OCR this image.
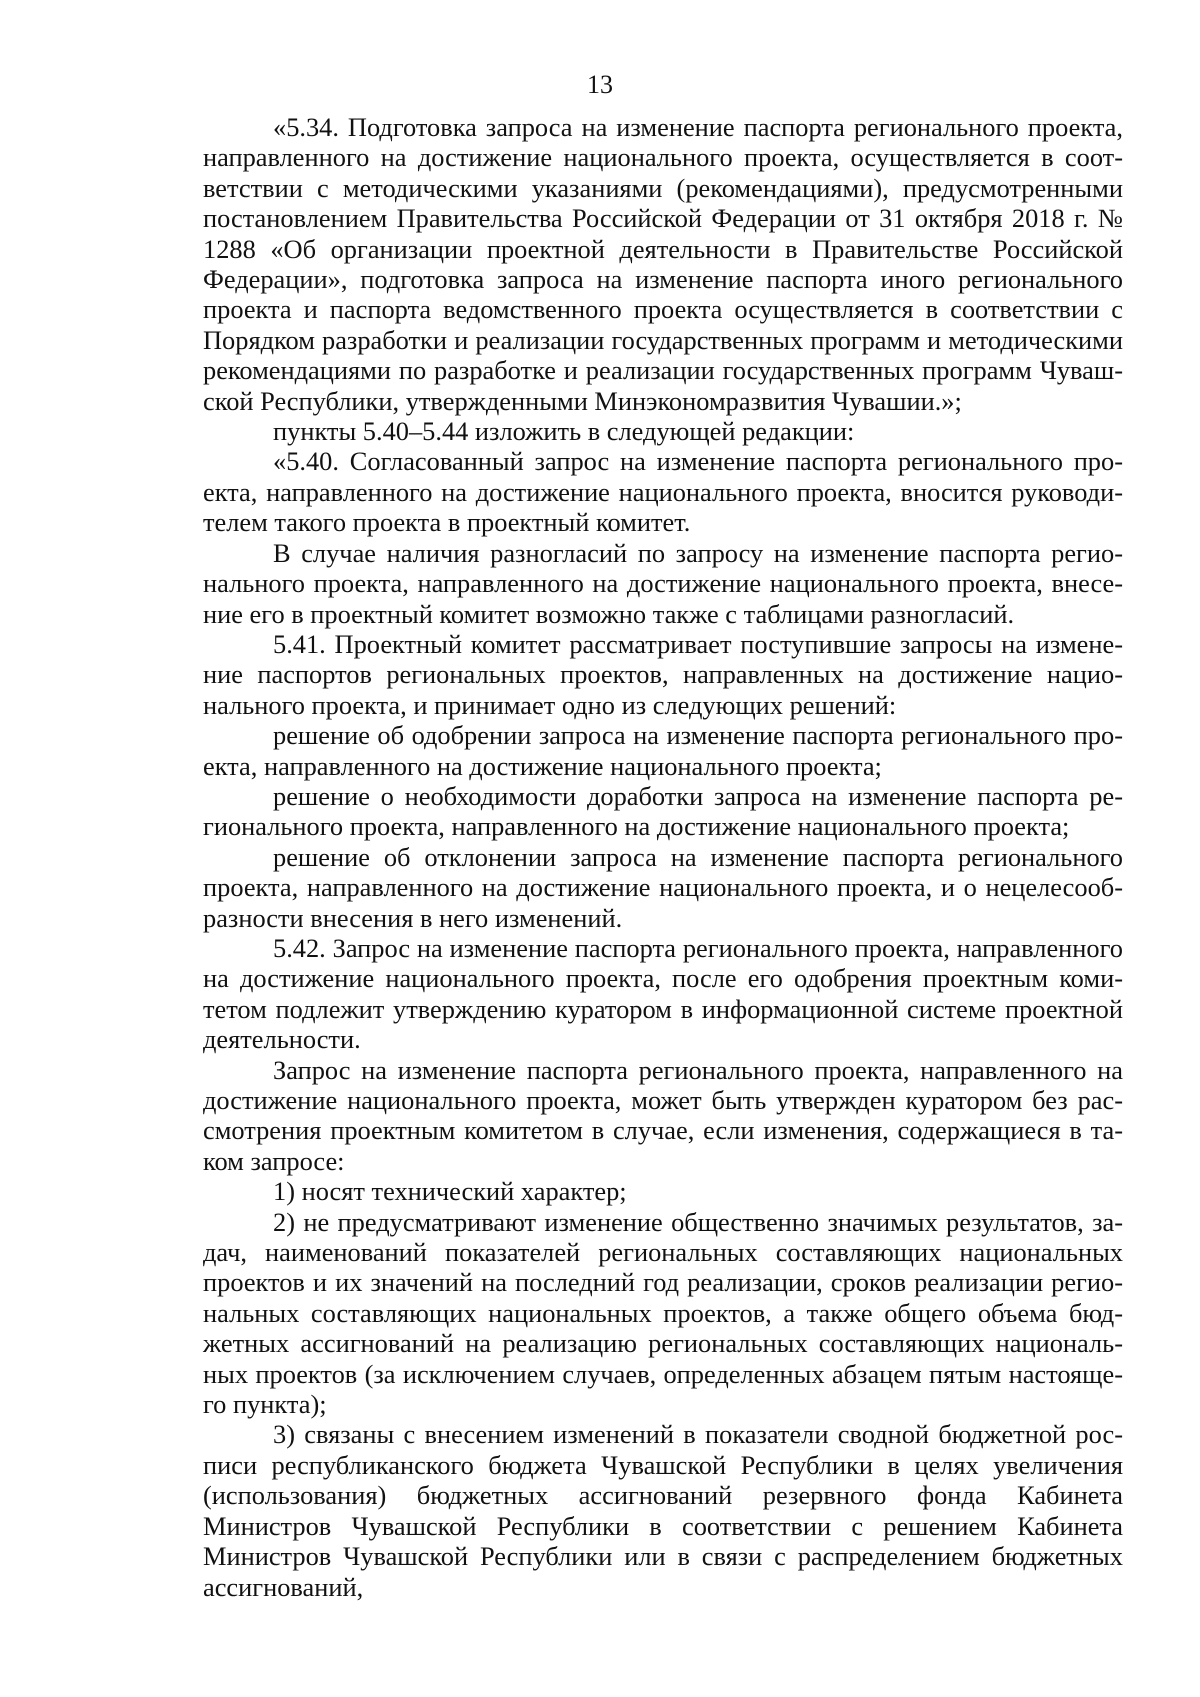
13

«5.34. Подготовка запроса на изменение паспорта регионального проекта, направленного на достижение национального проекта, осуществляется в соответствии с методическими указаниями (рекомендациями), предусмотренными постановлением Правительства Российской Федерации от 31 октября 2018 г. № 1288 «Об организации проектной деятельности в Правительстве Российской Федерации», подготовка запроса на изменение паспорта иного регионального проекта и паспорта ведомственного проекта осуществляется в соответствии с Порядком разработки и реализации государственных программ и методическими рекомендациями по разработке и реализации государственных программ Чувашской Республики, утвержденными Минэкономразвития Чувашии.»;

пункты 5.40–5.44 изложить в следующей редакции:

«5.40. Согласованный запрос на изменение паспорта регионального проекта, направленного на достижение национального проекта, вносится руководителем такого проекта в проектный комитет.

В случае наличия разногласий по запросу на изменение паспорта регионального проекта, направленного на достижение национального проекта, внесение его в проектный комитет возможно также с таблицами разногласий.

5.41. Проектный комитет рассматривает поступившие запросы на изменение паспортов региональных проектов, направленных на достижение национального проекта, и принимает одно из следующих решений:

решение об одобрении запроса на изменение паспорта регионального проекта, направленного на достижение национального проекта;

решение о необходимости доработки запроса на изменение паспорта регионального проекта, направленного на достижение национального проекта;

решение об отклонении запроса на изменение паспорта регионального проекта, направленного на достижение национального проекта, и о нецелесообразности внесения в него изменений.

5.42. Запрос на изменение паспорта регионального проекта, направленного на достижение национального проекта, после его одобрения проектным комитетом подлежит утверждению куратором в информационной системе проектной деятельности.

Запрос на изменение паспорта регионального проекта, направленного на достижение национального проекта, может быть утвержден куратором без рассмотрения проектным комитетом в случае, если изменения, содержащиеся в таком запросе:

1) носят технический характер;

2) не предусматривают изменение общественно значимых результатов, задач, наименований показателей региональных составляющих национальных проектов и их значений на последний год реализации, сроков реализации региональных составляющих национальных проектов, а также общего объема бюджетных ассигнований на реализацию региональных составляющих национальных проектов (за исключением случаев, определенных абзацем пятым настоящего пункта);

3) связаны с внесением изменений в показатели сводной бюджетной росписи республиканского бюджета Чувашской Республики в целях увеличения (использования) бюджетных ассигнований резервного фонда Кабинета Министров Чувашской Республики в соответствии с решением Кабинета Министров Чувашской Республики или в связи с распределением бюджетных ассигнований,
